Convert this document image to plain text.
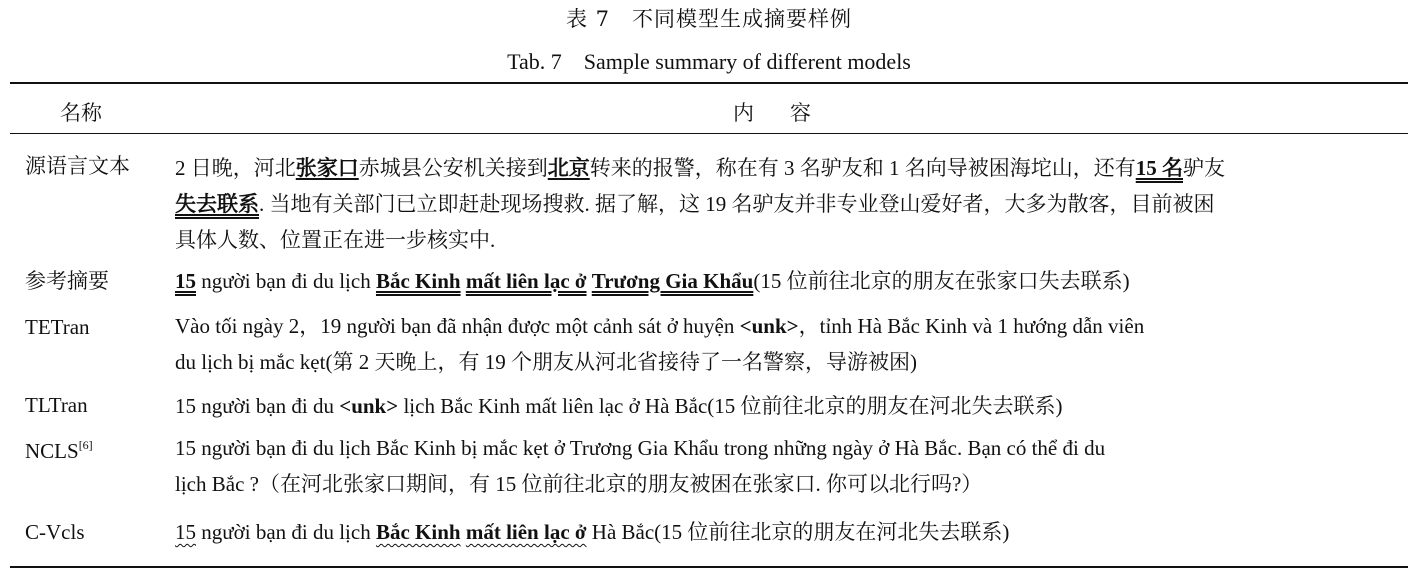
表 7　不同模型生成摘要样例
Tab. 7　Sample summary of different models
名称	内容
源语言文本 2 日晚，河北张家口赤城县公安机关接到北京转来的报警，称在有 3 名驴友和 1 名向导被困海坨山，还有15 名驴友
失去联系. 当地有关部门已立即赶赴现场搜救. 据了解，这 19 名驴友并非专业登山爱好者，大多为散客，目前被困
具体人数、位置正在进一步核实中.
参考摘要	15 người bạn đi du lịch Bắc Kinh mất liên lạc ở Trương Gia Khẩu(15 位前往北京的朋友在张家口失去联系)
TETran	Vào tối ngày 2，19 người bạn đã nhận được một cảnh sát ở huyện <unk>，tỉnh Hà Bắc Kinh và 1 hướng dẫn viên
du lịch bị mắc kẹt(第 2 天晚上，有 19 个朋友从河北省接待了一名警察，导游被困)
TLTran	15 người bạn đi du <unk> lịch Bắc Kinh mất liên lạc ở Hà Bắc(15 位前往北京的朋友在河北失去联系)
NCLS[6]	15 người bạn đi du lịch Bắc Kinh bị mắc kẹt ở Trương Gia Khẩu trong những ngày ở Hà Bắc. Bạn có thể đi du
lịch Bắc ?（在河北张家口期间，有 15 位前往北京的朋友被困在张家口. 你可以北行吗?）
C-Vcls	15 người bạn đi du lịch Bắc Kinh mất liên lạc ở Hà Bắc(15 位前往北京的朋友在河北失去联系)
